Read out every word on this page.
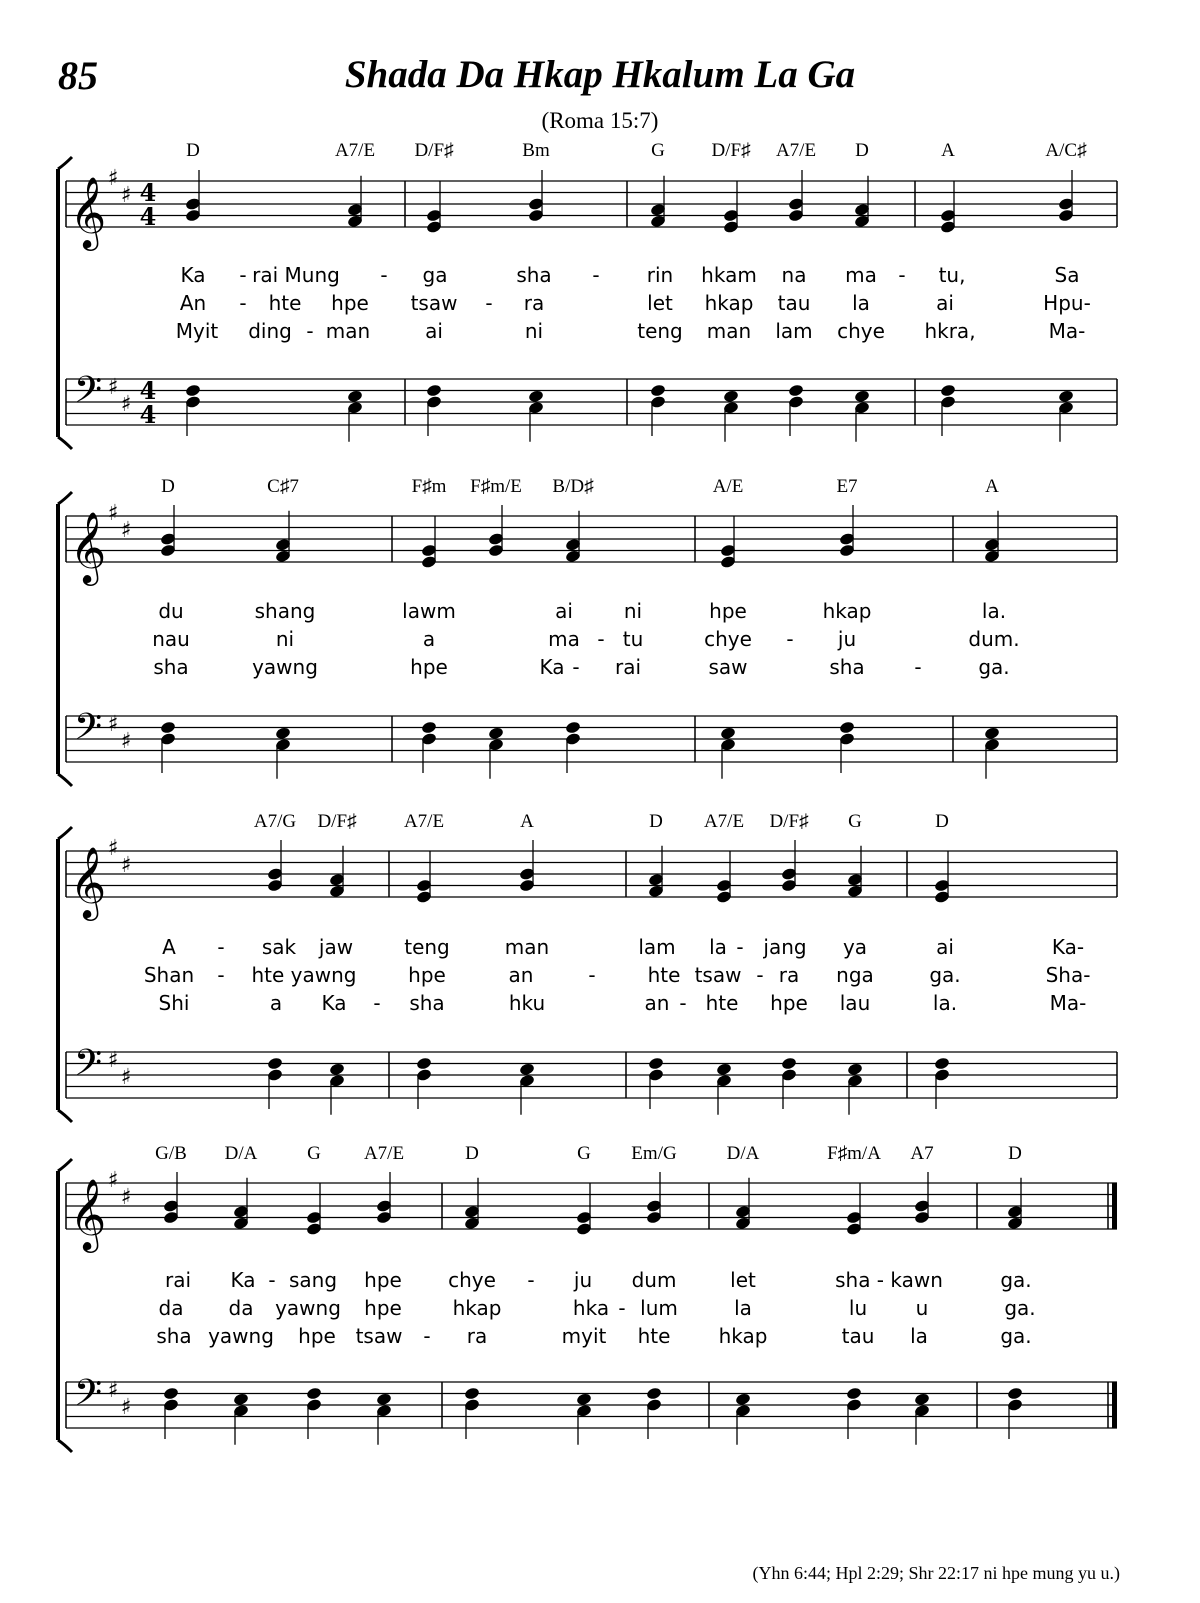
85	Shada Da Hkap Hkalum La Ga
(Roma 15:7)
𝄞 ♯
♯ 4
4
𝄢 ♯
♯ 4
4
𝄞 ♯
♯
𝄢 ♯
♯
𝄞 ♯
♯
𝄢 ♯
♯
𝄞 ♯
♯
𝄢 ♯
♯
D	A7/E D/F♯	Bm	G D/F♯ A7/E D	A	A/C♯
Ka - rai Mung - ga	sha - rin hkam na ma - tu,	Sa
An - hte hpe tsaw - ra	let hkap tau la	ai	Hpu-
Myit ding - man	ai	ni	teng man lam chye hkra,	Ma-
D	C♯7	F♯m F♯m/E B/D♯	A/E	E7	A
du	shang	lawm	ai	ni	hpe	hkap	la.
nau	ni	a	ma - tu	chye - ju	dum.
sha	yawng	hpe	Ka - rai	saw	sha -	ga.
A7/G D/F♯ A7/E	A	D A7/E D/F♯ G	D
A - sak jaw	teng	man	lam la - jang ya	ai	Ka-
Shan - hte yawng	hpe	an	-	hte tsaw - ra nga	ga.	Sha-
Shi	a Ka - sha	hku	an - hte hpe lau	la.	Ma-
G/B D/A	G A7/E	D	G Em/G	D/A	F♯m/A A7	D
rai Ka - sang hpe chye - ju dum	let	sha - kawn	ga.
da da yawng hpe	hkap	hka - lum	la	lu u	ga.
sha yawng hpe tsaw - ra	myit hte hkap	tau la	ga.
(Yhn 6:44; Hpl 2:29; Shr 22:17 ni hpe mung yu u.)
